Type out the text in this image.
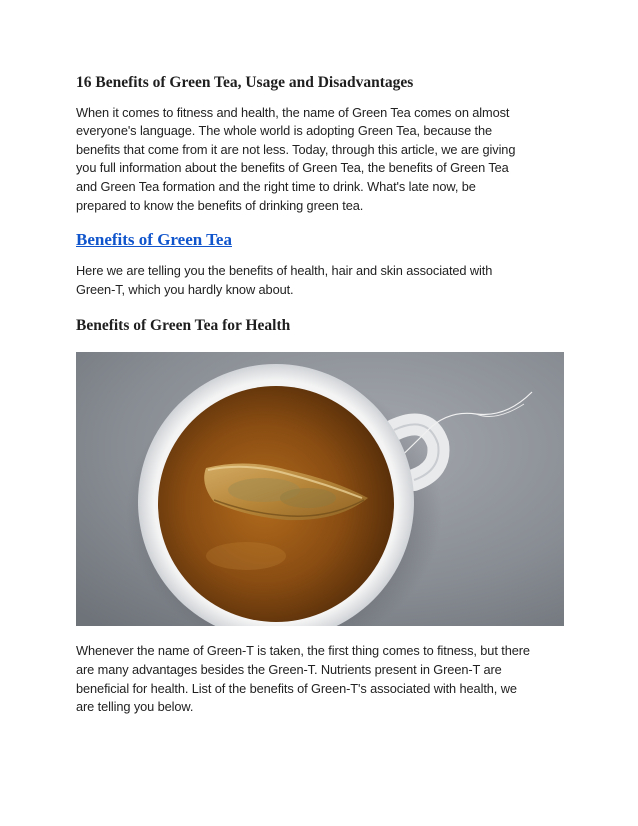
16 Benefits of Green Tea, Usage and Disadvantages

When it comes to fitness and health, the name of Green Tea comes on almost
everyone's language. The whole world is adopting Green Tea, because the
benefits that come from it are not less. Today, through this article, we are giving
you full information about the benefits of Green Tea, the benefits of Green Tea
and Green Tea formation and the right time to drink. What's late now, be
prepared to know the benefits of drinking green tea.

Benefits of Green Tea

Here we are telling you the benefits of health, hair and skin associated with
Green-T, which you hardly know about.

Benefits of Green Tea for Health

Whenever the name of Green-T is taken, the first thing comes to fitness, but there
are many advantages besides the Green-T. Nutrients present in Green-T are
beneficial for health. List of the benefits of Green-T's associated with health, we
are telling you below.
